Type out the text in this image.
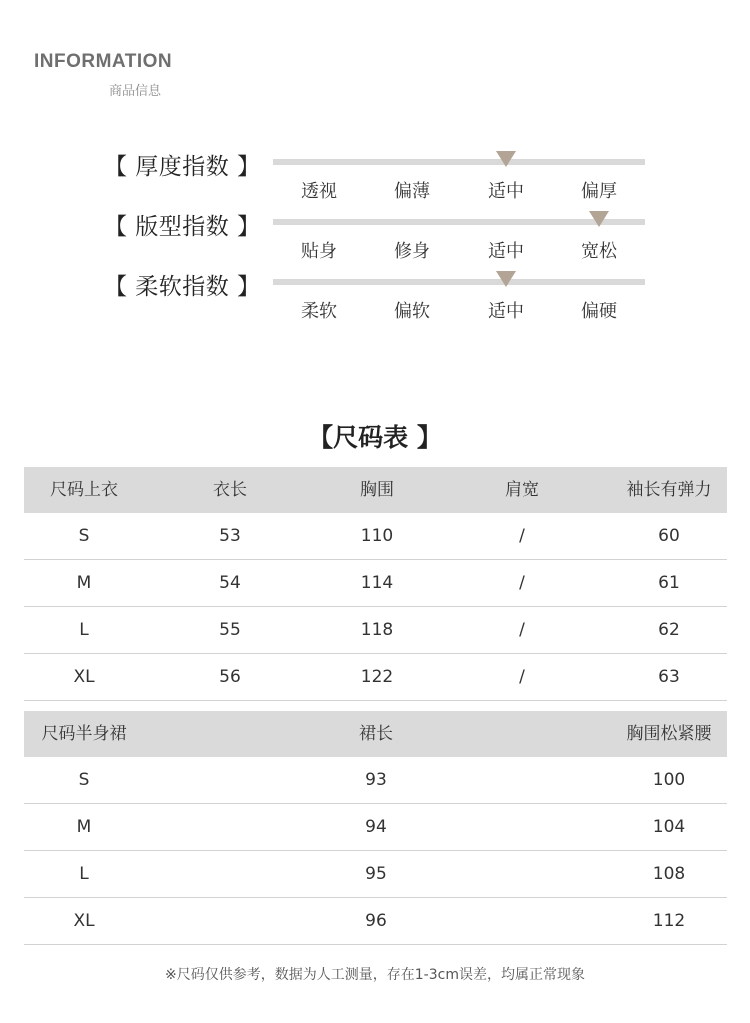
INFORMATION
商品信息
【 厚度指数 】
透视	偏薄	适中	偏厚
【 版型指数 】
贴身	修身	适中	宽松
【 柔软指数 】
柔软	偏软	适中	偏硬
【尺码表 】
尺码上衣	衣长	胸围	肩宽	袖长有弹力
S	53	110	/	60
M	54	114	/	61
L	55	118	/	62
XL	56	122	/	63
尺码半身裙	裙长	胸围松紧腰
S	93	100
M	94	104
L	95	108
XL	96	112
※尺码仅供参考，数据为人工测量，存在1-3cm误差，均属正常现象
